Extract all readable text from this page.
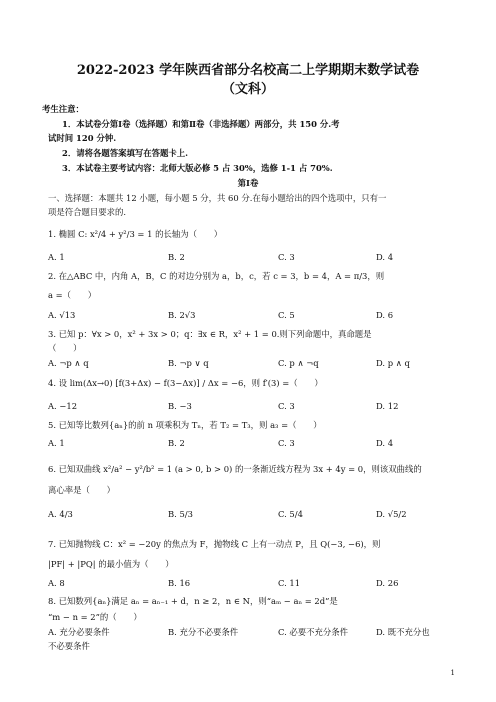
2022-2023 学年陕西省部分名校高二上学期期末数学试卷
（文科）
考生注意：
1．本试卷分第Ⅰ卷（选择题）和第Ⅱ卷（非选择题）两部分，共 150 分.考
试时间 120 分钟.
2．请将各题答案填写在答题卡上.
3．本试卷主要考试内容：北师大版必修 5 占 30%，选修 1-1 占 70%.
第Ⅰ卷
一、选择题：本题共 12 小题，每小题 5 分，共 60 分.在每小题给出的四个选项中，只有一
项是符合题目要求的.
1. 椭圆 C: x²/4 + y²/3 = 1 的长轴为（　　）
A. 1	B. 2	C. 3	D. 4
2. 在△ABC 中，内角 A，B，C 的对边分别为 a，b，c，若 c = 3，b = 4，A = π/3，则
a =（　　）
A. √13	B. 2√3	C. 5	D. 6
3. 已知 p：∀x > 0，x² + 3x > 0；q：∃x ∈ R，x² + 1 = 0.则下列命题中，真命题是
（　　）
A. ¬p ∧ q	B. ¬p ∨ q	C. p ∧ ¬q	D. p ∧ q
4. 设 lim(Δx→0) [f(3+Δx) − f(3−Δx)] / Δx = −6，则 f′(3) =（　　）
A. −12	B. −3	C. 3	D. 12
5. 已知等比数列{aₙ}的前 n 项乘积为 Tₙ，若 T₂ = T₃，则 a₃ =（　　）
A. 1	B. 2	C. 3	D. 4
6. 已知双曲线 x²/a² − y²/b² = 1 (a > 0, b > 0) 的一条渐近线方程为 3x + 4y = 0，则该双曲线的
离心率是（　　）
A. 4/3	B. 5/3	C. 5/4	D. √5/2
7. 已知抛物线 C：x² = −20y 的焦点为 F，抛物线 C 上有一动点 P，且 Q(−3, −6)，则
|PF| + |PQ| 的最小值为（　　）
A. 8	B. 16	C. 11	D. 26
8. 已知数列{aₙ}满足 aₙ = aₙ₋₁ + d，n ≥ 2，n ∈ N，则“aₘ − aₙ = 2d”是
“m − n = 2”的（　　）
A. 充分必要条件	B. 充分不必要条件	C. 必要不充分条件	D. 既不充分也
不必要条件
1
